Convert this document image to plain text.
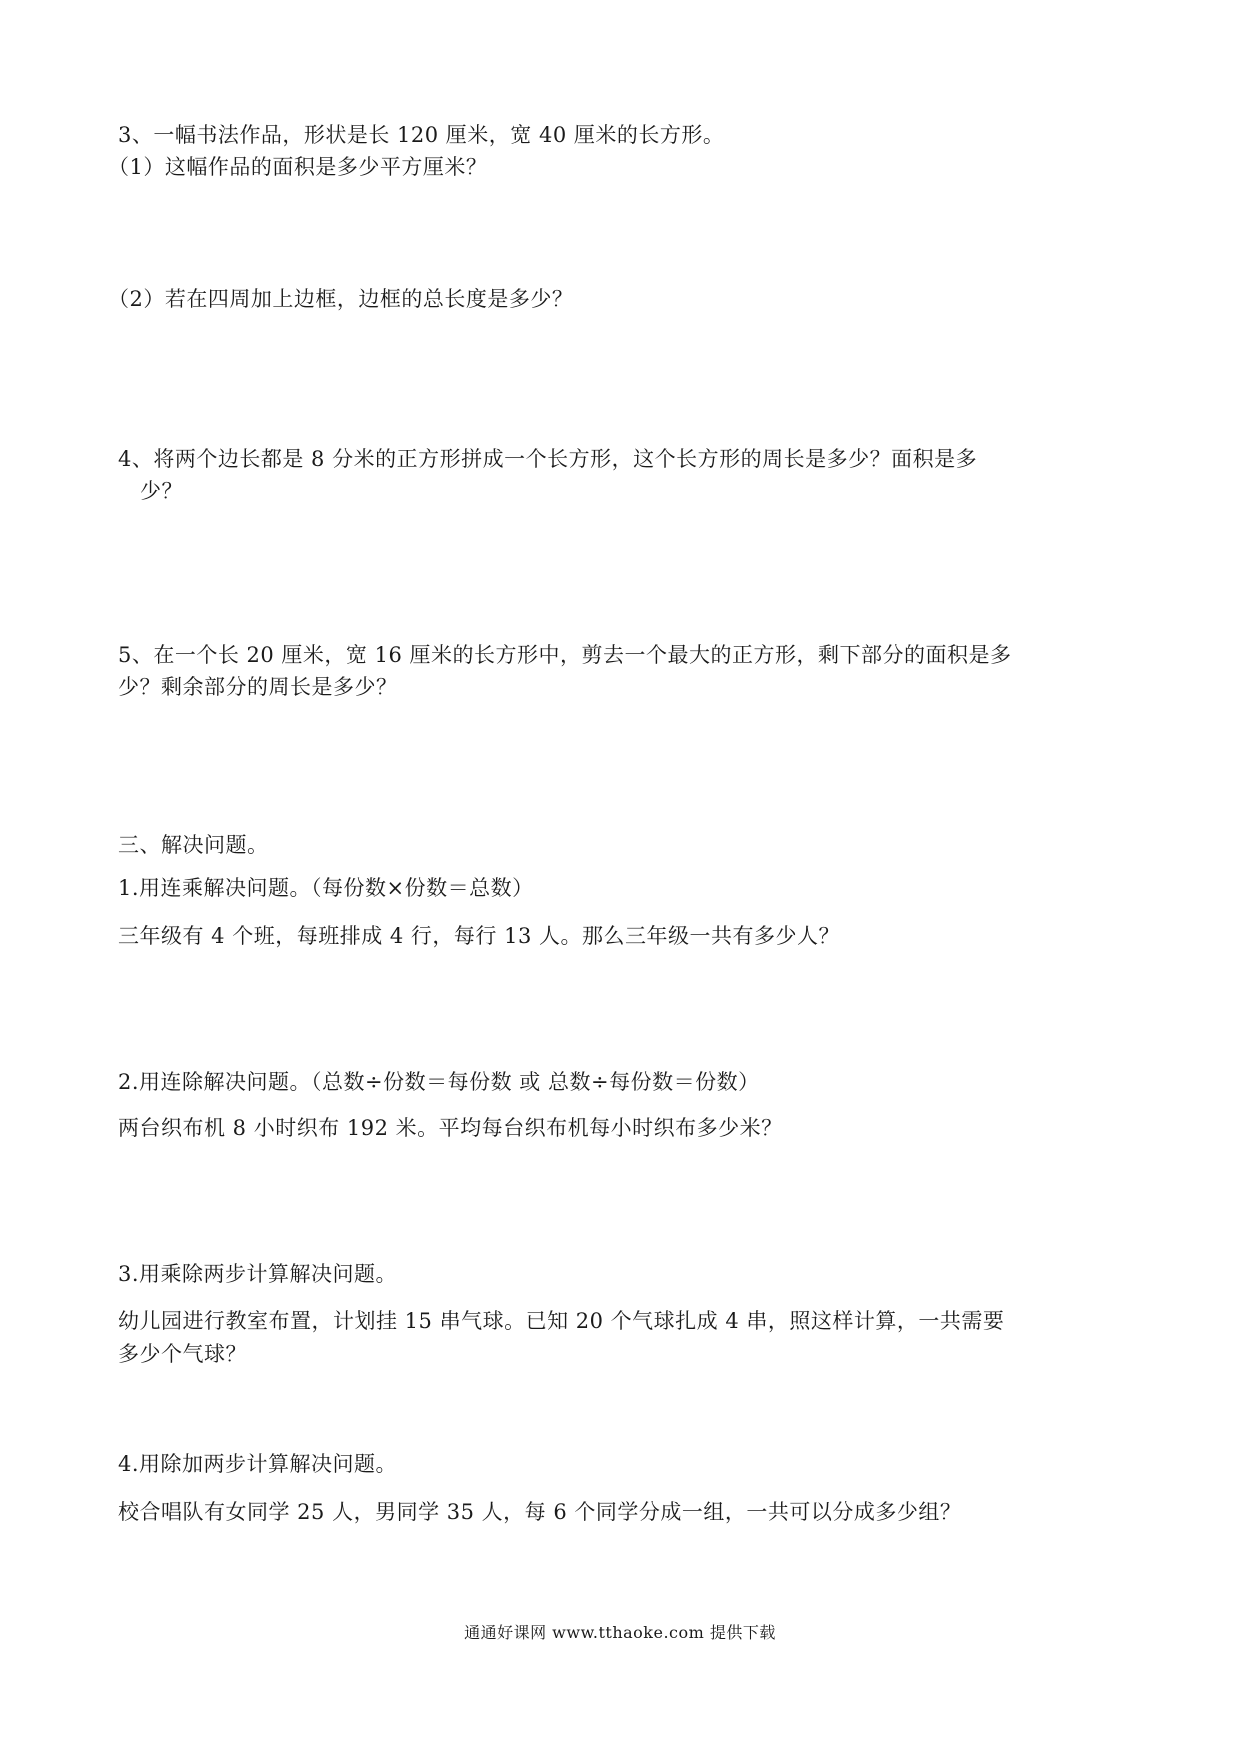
3、一幅书法作品，形状是长 120 厘米，宽 40 厘米的长方形。
（1）这幅作品的面积是多少平方厘米？
（2）若在四周加上边框，边框的总长度是多少？
4、将两个边长都是 8 分米的正方形拼成一个长方形，这个长方形的周长是多少？面积是多
少？
5、在一个长 20 厘米，宽 16 厘米的长方形中，剪去一个最大的正方形，剩下部分的面积是多
少？剩余部分的周长是多少？
三、解决问题。
1.用连乘解决问题。（每份数×份数＝总数）
三年级有 4 个班，每班排成 4 行，每行 13 人。那么三年级一共有多少人？
2.用连除解决问题。（总数÷份数＝每份数 或 总数÷每份数＝份数）
两台织布机 8 小时织布 192 米。平均每台织布机每小时织布多少米？
3.用乘除两步计算解决问题。
幼儿园进行教室布置，计划挂 15 串气球。已知 20 个气球扎成 4 串，照这样计算，一共需要
多少个气球？
4.用除加两步计算解决问题。
校合唱队有女同学 25 人，男同学 35 人，每 6 个同学分成一组，一共可以分成多少组？
通通好课网 www.tthaoke.com 提供下载
